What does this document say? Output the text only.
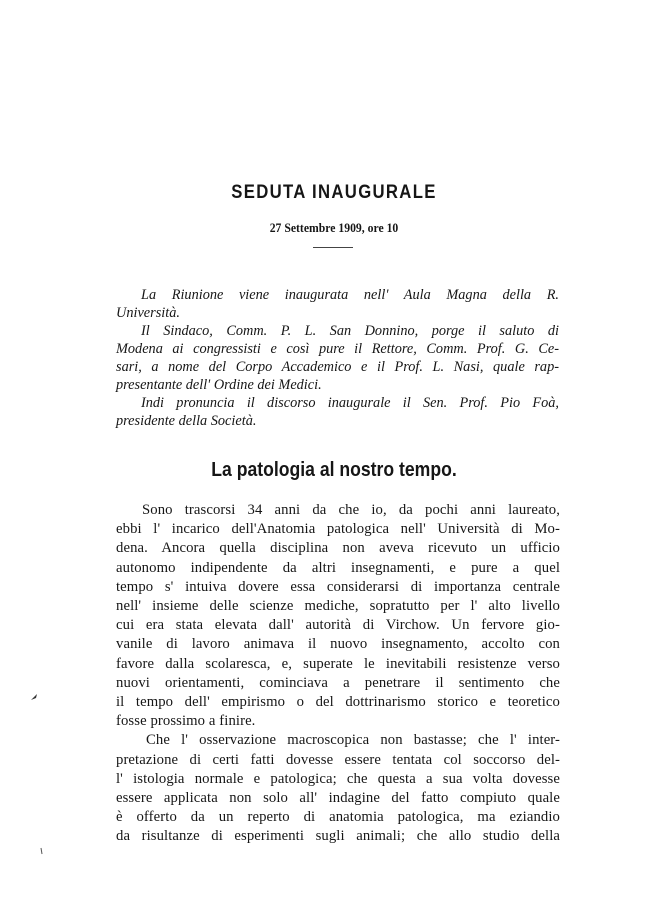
SEDUTA INAUGURALE
27 Settembre 1909, ore 10

La Riunione viene inaugurata nell' Aula Magna della R.

Università.

Il Sindaco, Comm. P. L. San Donnino, porge il saluto di

Modena ai congressisti e così pure il Rettore, Comm. Prof. G. Ce-
sari, a nome del Corpo Accademico e il Prof. L. Nasi, quale rap-
presentante dell' Ordine dei Medici.

Indi pronuncia il discorso inaugurale il Sen. Prof. Pio Foà,

presidente della Società.

La patologia al nostro tempo.
Sono trascorsi 34 anni da che io, da pochi anni laureato,
ebbi l' incarico dell'Anatomia patologica nell' Università di Mo-
dena. Ancora quella disciplina non aveva ricevuto un ufficio
autonomo indipendente da altri insegnamenti, e pure a quel
tempo s' intuiva dovere essa considerarsi di importanza centrale
nell' insieme delle scienze mediche, sopratutto per l' alto livello
cui era stata elevata dall' autorità di Virchow. Un fervore gio-
vanile di lavoro animava il nuovo insegnamento, accolto con
favore dalla scolaresca, e, superate le inevitabili resistenze verso
nuovi orientamenti, cominciava a penetrare il sentimento che
il tempo dell' empirismo o del dottrinarismo storico e teoretico
fosse prossimo a finire.
Che l' osservazione macroscopica non bastasse; che l' inter-
pretazione di certi fatti dovesse essere tentata col soccorso del-
l' istologia normale e patologica; che questa a sua volta dovesse
essere applicata non solo all' indagine del fatto compiuto quale
è offerto da un reperto di anatomia patologica, ma eziandio
da risultanze di esperimenti sugli animali; che allo studio della
